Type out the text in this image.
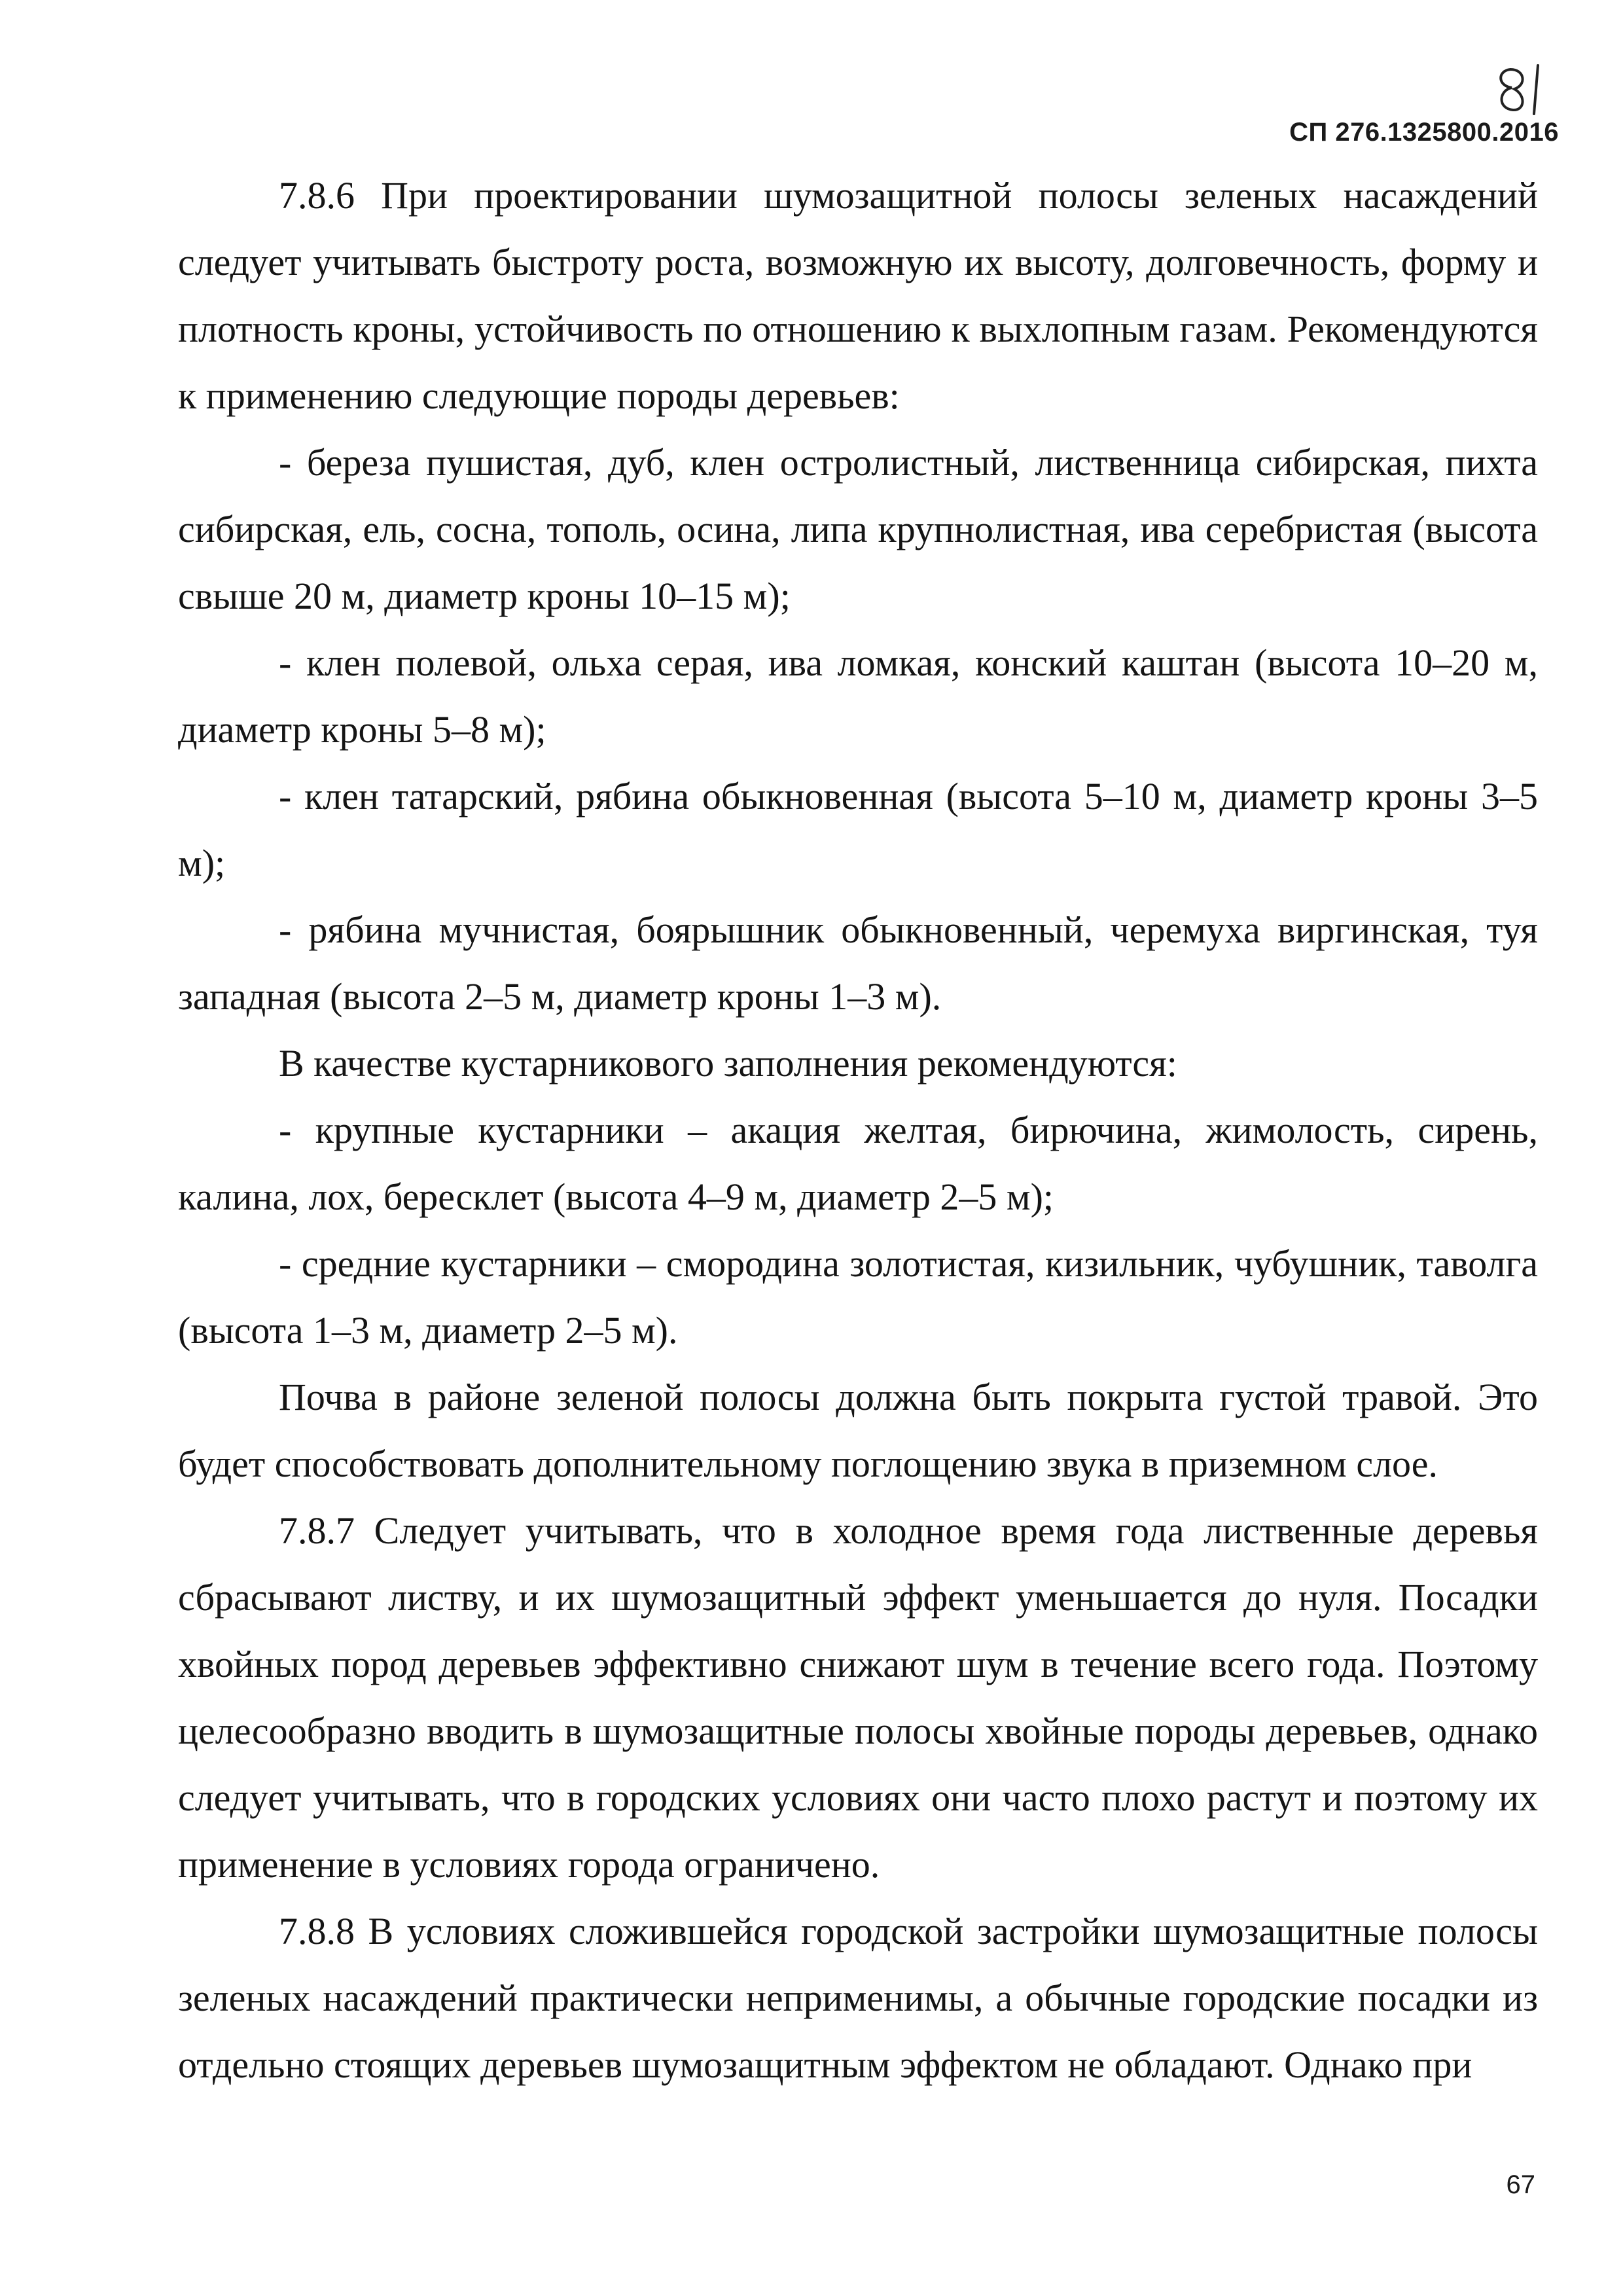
СП 276.1325800.2016

7.8.6 При проектировании шумозащитной полосы зеленых насаждений следует учитывать быстроту роста, возможную их высоту, долговечность, форму и плотность кроны, устойчивость по отношению к выхлопным газам. Рекомендуются к применению следующие породы деревьев:

- береза пушистая, дуб, клен остролистный, лиственница сибирская, пихта сибирская, ель, сосна, тополь, осина, липа крупнолистная, ива серебристая (высота свыше 20 м, диаметр кроны 10–15 м);

- клен полевой, ольха серая, ива ломкая, конский каштан (высота 10–20 м, диаметр кроны 5–8 м);

- клен татарский, рябина обыкновенная (высота 5–10 м, диаметр кроны 3–5 м);

- рябина мучнистая, боярышник обыкновенный, черемуха виргинская, туя западная (высота 2–5 м, диаметр кроны 1–3 м).

В качестве кустарникового заполнения рекомендуются:

- крупные кустарники – акация желтая, бирючина, жимолость, сирень, калина, лох, бересклет (высота 4–9 м, диаметр 2–5 м);

- средние кустарники – смородина золотистая, кизильник, чубушник, таволга (высота 1–3 м, диаметр 2–5 м).

Почва в районе зеленой полосы должна быть покрыта густой травой. Это будет способствовать дополнительному поглощению звука в приземном слое.

7.8.7 Следует учитывать, что в холодное время года лиственные деревья сбрасывают листву, и их шумозащитный эффект уменьшается до нуля. Посадки хвойных пород деревьев эффективно снижают шум в течение всего года. Поэтому целесообразно вводить в шумозащитные полосы хвойные породы деревьев, однако следует учитывать, что в городских условиях они часто плохо растут и поэтому их применение в условиях города ограничено.

7.8.8 В условиях сложившейся городской застройки шумозащитные полосы зеленых насаждений практически неприменимы, а обычные городские посадки из отдельно стоящих деревьев шумозащитным эффектом не обладают. Однако при

67
